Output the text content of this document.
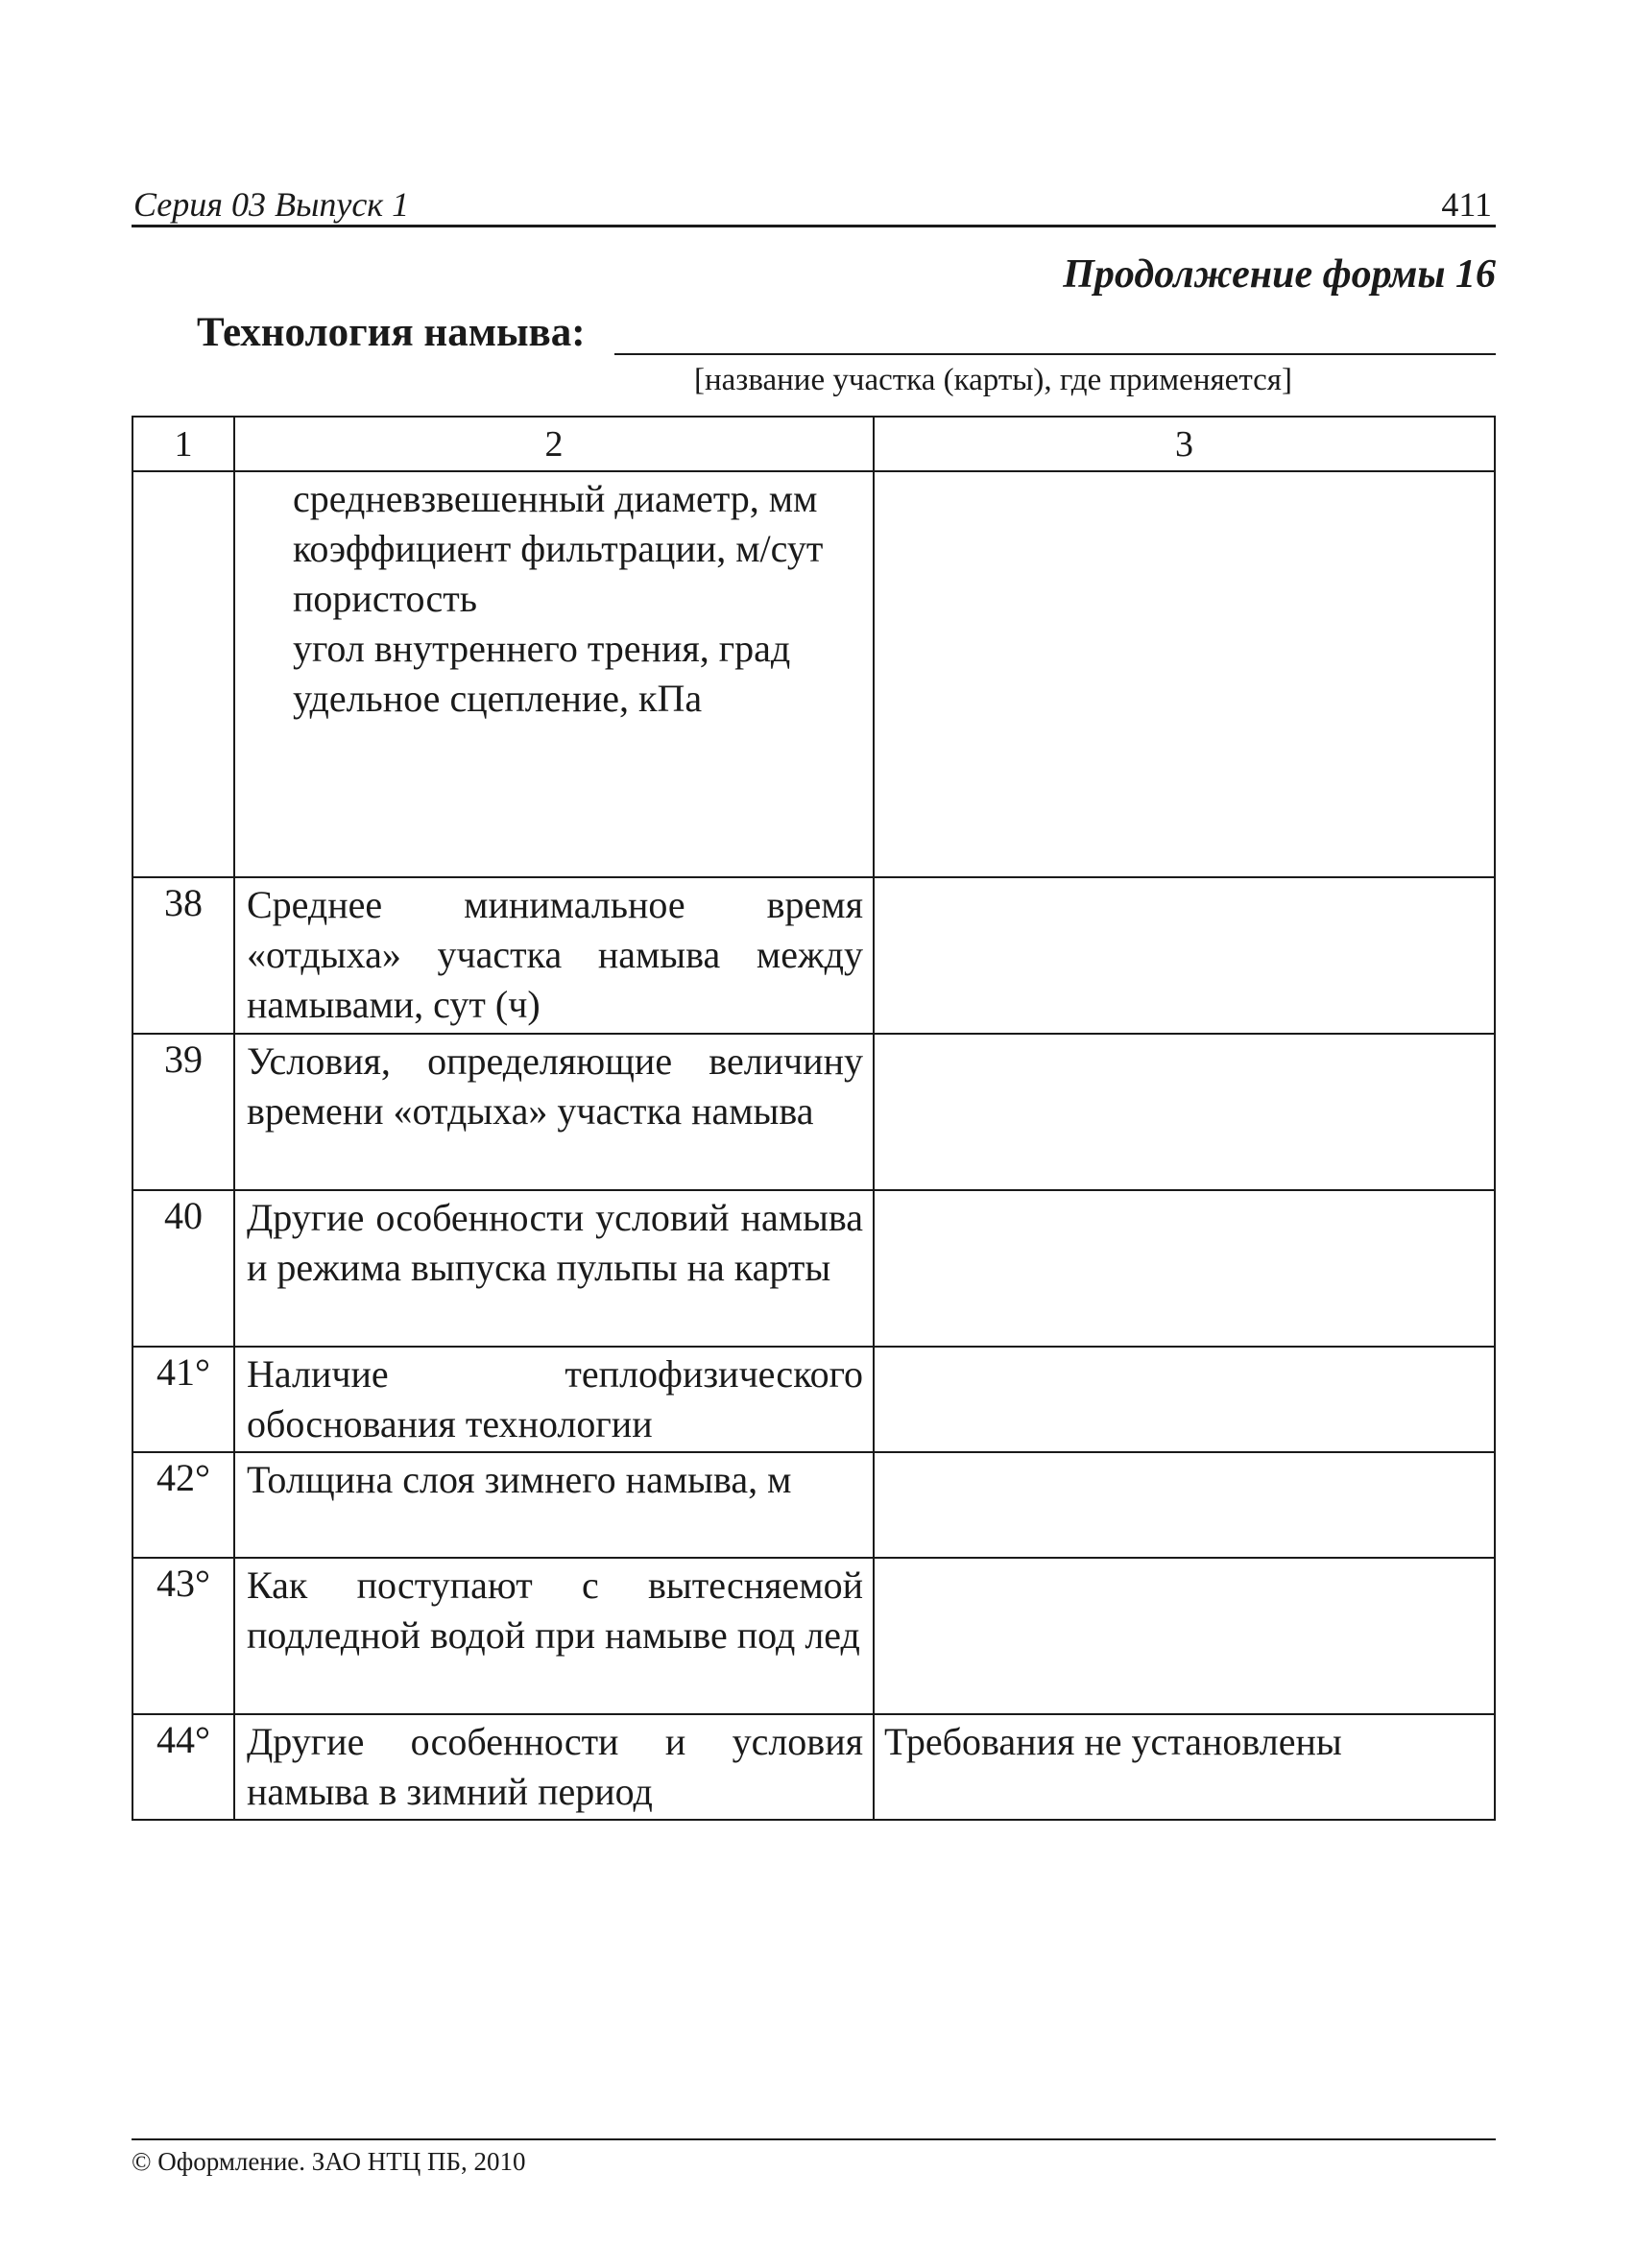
Серия 03 Выпуск 1	411
Продолжение формы 16
Технология намыва:
[название участка (карты), где применяется]
1	2	3

	средневзвешенный диаметр, мм
коэффициент фильтрации, м/сут
пористость
угол внутреннего трения, град
удельное сцепление, кПа	

38	Среднее минимальное время «отдыха» участка намыва между намывами, сут (ч)	
39	Условия, определяющие величину времени «отдыха» участка намыва	
40	Другие особенности условий намыва и режима выпуска пульпы на карты	
41°	Наличие теплофизического обоснования технологии	
42°	Толщина слоя зимнего намыва, м	
43°	Как поступают с вытесняемой подледной водой при намыве под лед	
44°	Другие особенности и условия намыва в зимний период	Требования не установлены
© Оформление. ЗАО НТЦ ПБ, 2010
